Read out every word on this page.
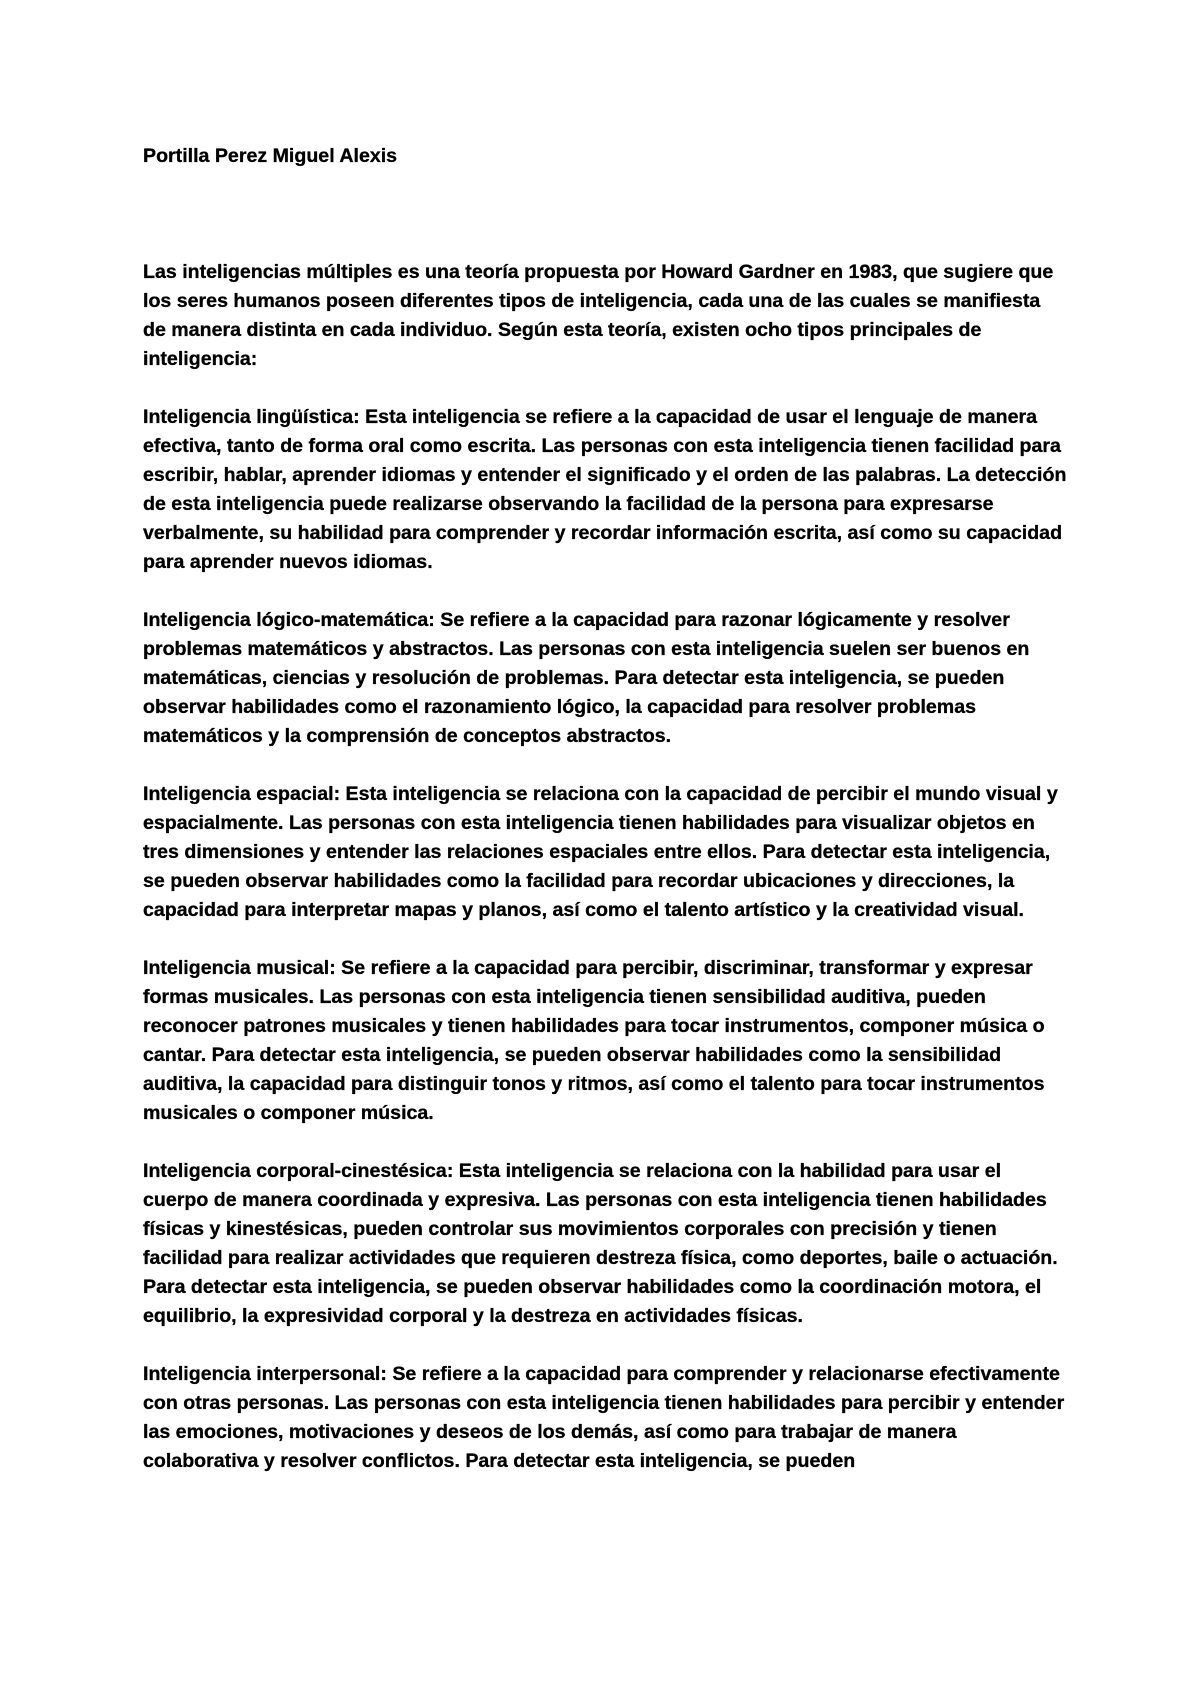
Portilla Perez Miguel Alexis

Las inteligencias múltiples es una teoría propuesta por Howard Gardner en 1983, que sugiere que los seres humanos poseen diferentes tipos de inteligencia, cada una de las cuales se manifiesta de manera distinta en cada individuo. Según esta teoría, existen ocho tipos principales de inteligencia:

Inteligencia lingüística: Esta inteligencia se refiere a la capacidad de usar el lenguaje de manera efectiva, tanto de forma oral como escrita. Las personas con esta inteligencia tienen facilidad para escribir, hablar, aprender idiomas y entender el significado y el orden de las palabras. La detección de esta inteligencia puede realizarse observando la facilidad de la persona para expresarse verbalmente, su habilidad para comprender y recordar información escrita, así como su capacidad para aprender nuevos idiomas.

Inteligencia lógico-matemática: Se refiere a la capacidad para razonar lógicamente y resolver problemas matemáticos y abstractos. Las personas con esta inteligencia suelen ser buenos en matemáticas, ciencias y resolución de problemas. Para detectar esta inteligencia, se pueden observar habilidades como el razonamiento lógico, la capacidad para resolver problemas matemáticos y la comprensión de conceptos abstractos.

Inteligencia espacial: Esta inteligencia se relaciona con la capacidad de percibir el mundo visual y espacialmente. Las personas con esta inteligencia tienen habilidades para visualizar objetos en tres dimensiones y entender las relaciones espaciales entre ellos. Para detectar esta inteligencia, se pueden observar habilidades como la facilidad para recordar ubicaciones y direcciones, la capacidad para interpretar mapas y planos, así como el talento artístico y la creatividad visual.

Inteligencia musical: Se refiere a la capacidad para percibir, discriminar, transformar y expresar formas musicales. Las personas con esta inteligencia tienen sensibilidad auditiva, pueden reconocer patrones musicales y tienen habilidades para tocar instrumentos, componer música o cantar. Para detectar esta inteligencia, se pueden observar habilidades como la sensibilidad auditiva, la capacidad para distinguir tonos y ritmos, así como el talento para tocar instrumentos musicales o componer música.

Inteligencia corporal-cinestésica: Esta inteligencia se relaciona con la habilidad para usar el cuerpo de manera coordinada y expresiva. Las personas con esta inteligencia tienen habilidades físicas y kinestésicas, pueden controlar sus movimientos corporales con precisión y tienen facilidad para realizar actividades que requieren destreza física, como deportes, baile o actuación. Para detectar esta inteligencia, se pueden observar habilidades como la coordinación motora, el equilibrio, la expresividad corporal y la destreza en actividades físicas.

Inteligencia interpersonal: Se refiere a la capacidad para comprender y relacionarse efectivamente con otras personas. Las personas con esta inteligencia tienen habilidades para percibir y entender las emociones, motivaciones y deseos de los demás, así como para trabajar de manera colaborativa y resolver conflictos. Para detectar esta inteligencia, se pueden
